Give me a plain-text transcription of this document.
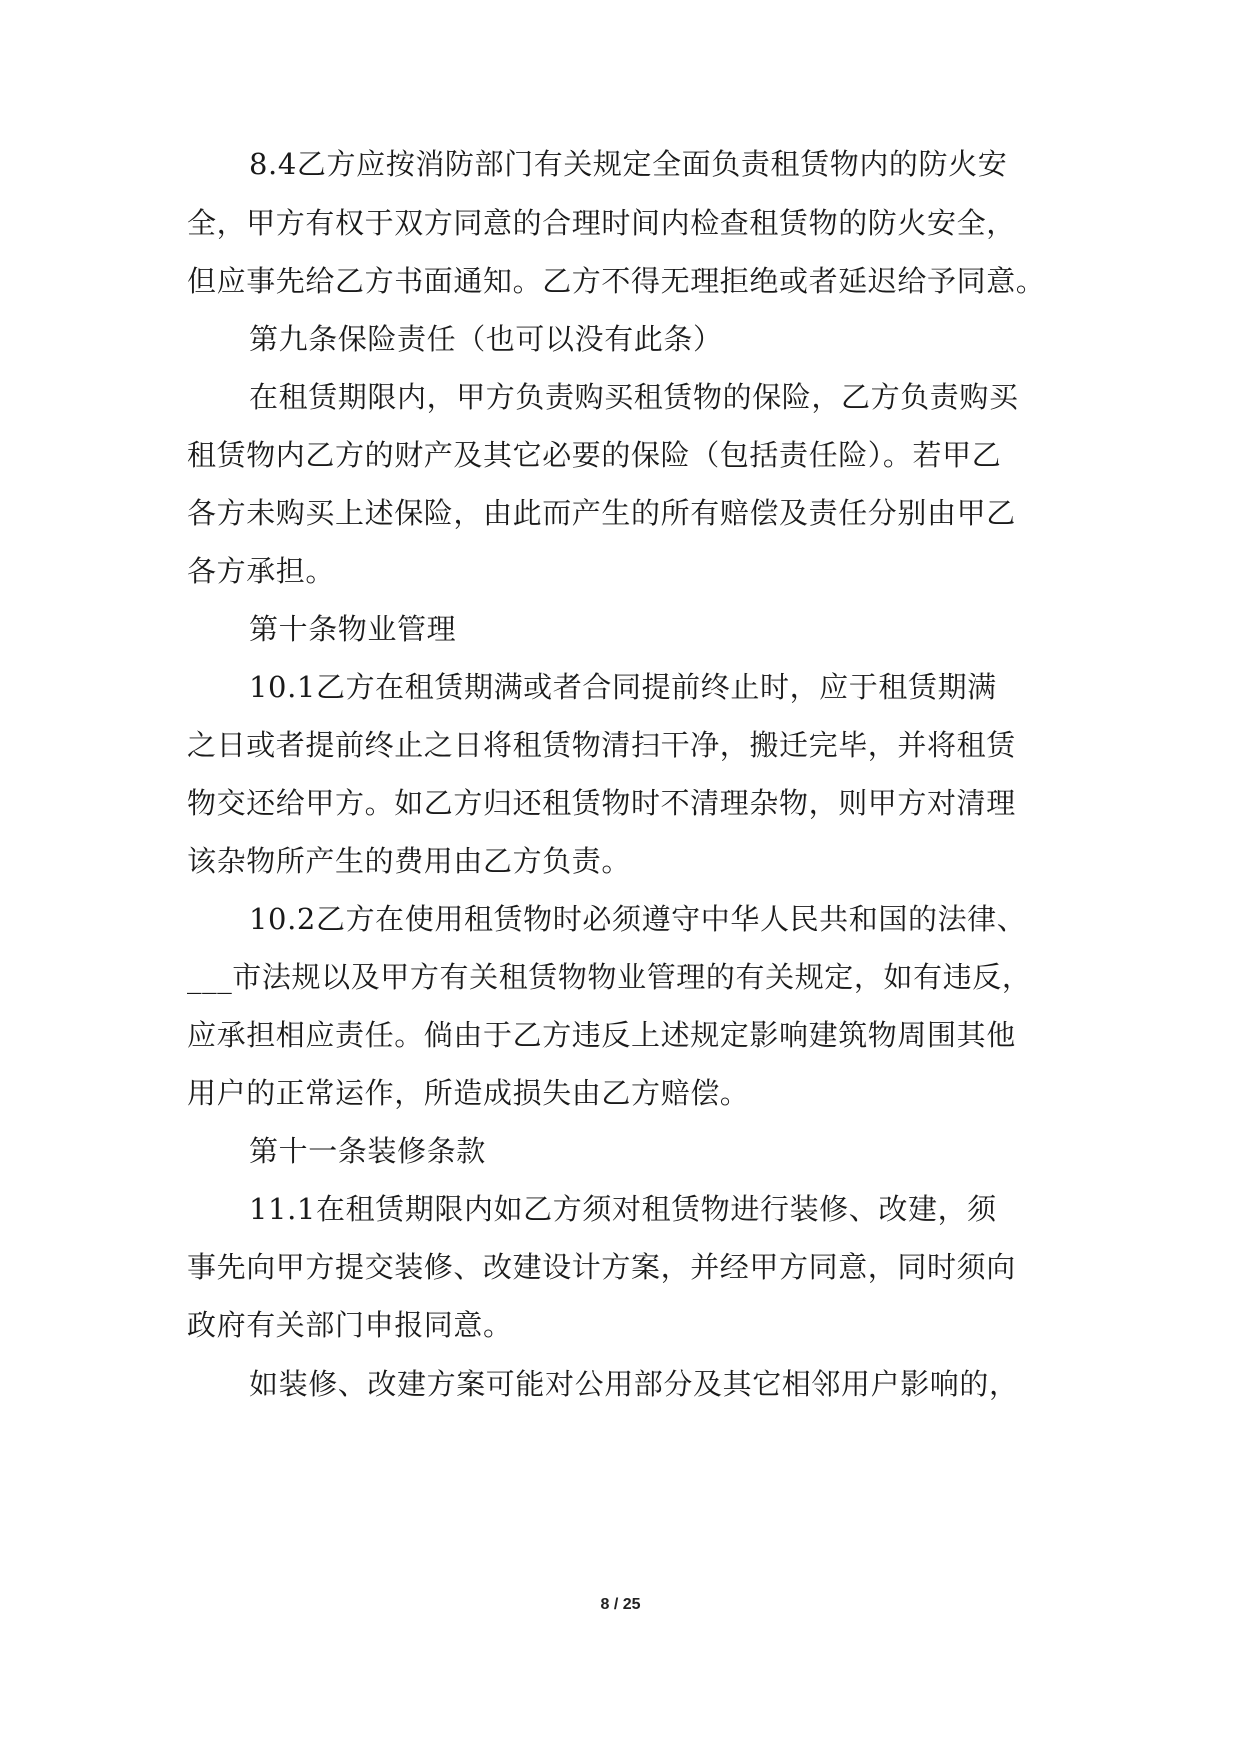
8.4乙方应按消防部门有关规定全面负责租赁物内的防火安
全，甲方有权于双方同意的合理时间内检查租赁物的防火安全，
但应事先给乙方书面通知。乙方不得无理拒绝或者延迟给予同意。
第九条保险责任（也可以没有此条）
在租赁期限内，甲方负责购买租赁物的保险，乙方负责购买
租赁物内乙方的财产及其它必要的保险（包括责任险）。若甲乙
各方未购买上述保险，由此而产生的所有赔偿及责任分别由甲乙
各方承担。
第十条物业管理
10.1乙方在租赁期满或者合同提前终止时，应于租赁期满
之日或者提前终止之日将租赁物清扫干净，搬迁完毕，并将租赁
物交还给甲方。如乙方归还租赁物时不清理杂物，则甲方对清理
该杂物所产生的费用由乙方负责。
10.2乙方在使用租赁物时必须遵守中华人民共和国的法律、
___市法规以及甲方有关租赁物物业管理的有关规定，如有违反，
应承担相应责任。倘由于乙方违反上述规定影响建筑物周围其他
用户的正常运作，所造成损失由乙方赔偿。
第十一条装修条款
11.1在租赁期限内如乙方须对租赁物进行装修、改建，须
事先向甲方提交装修、改建设计方案，并经甲方同意，同时须向
政府有关部门申报同意。
如装修、改建方案可能对公用部分及其它相邻用户影响的，
8 / 25
